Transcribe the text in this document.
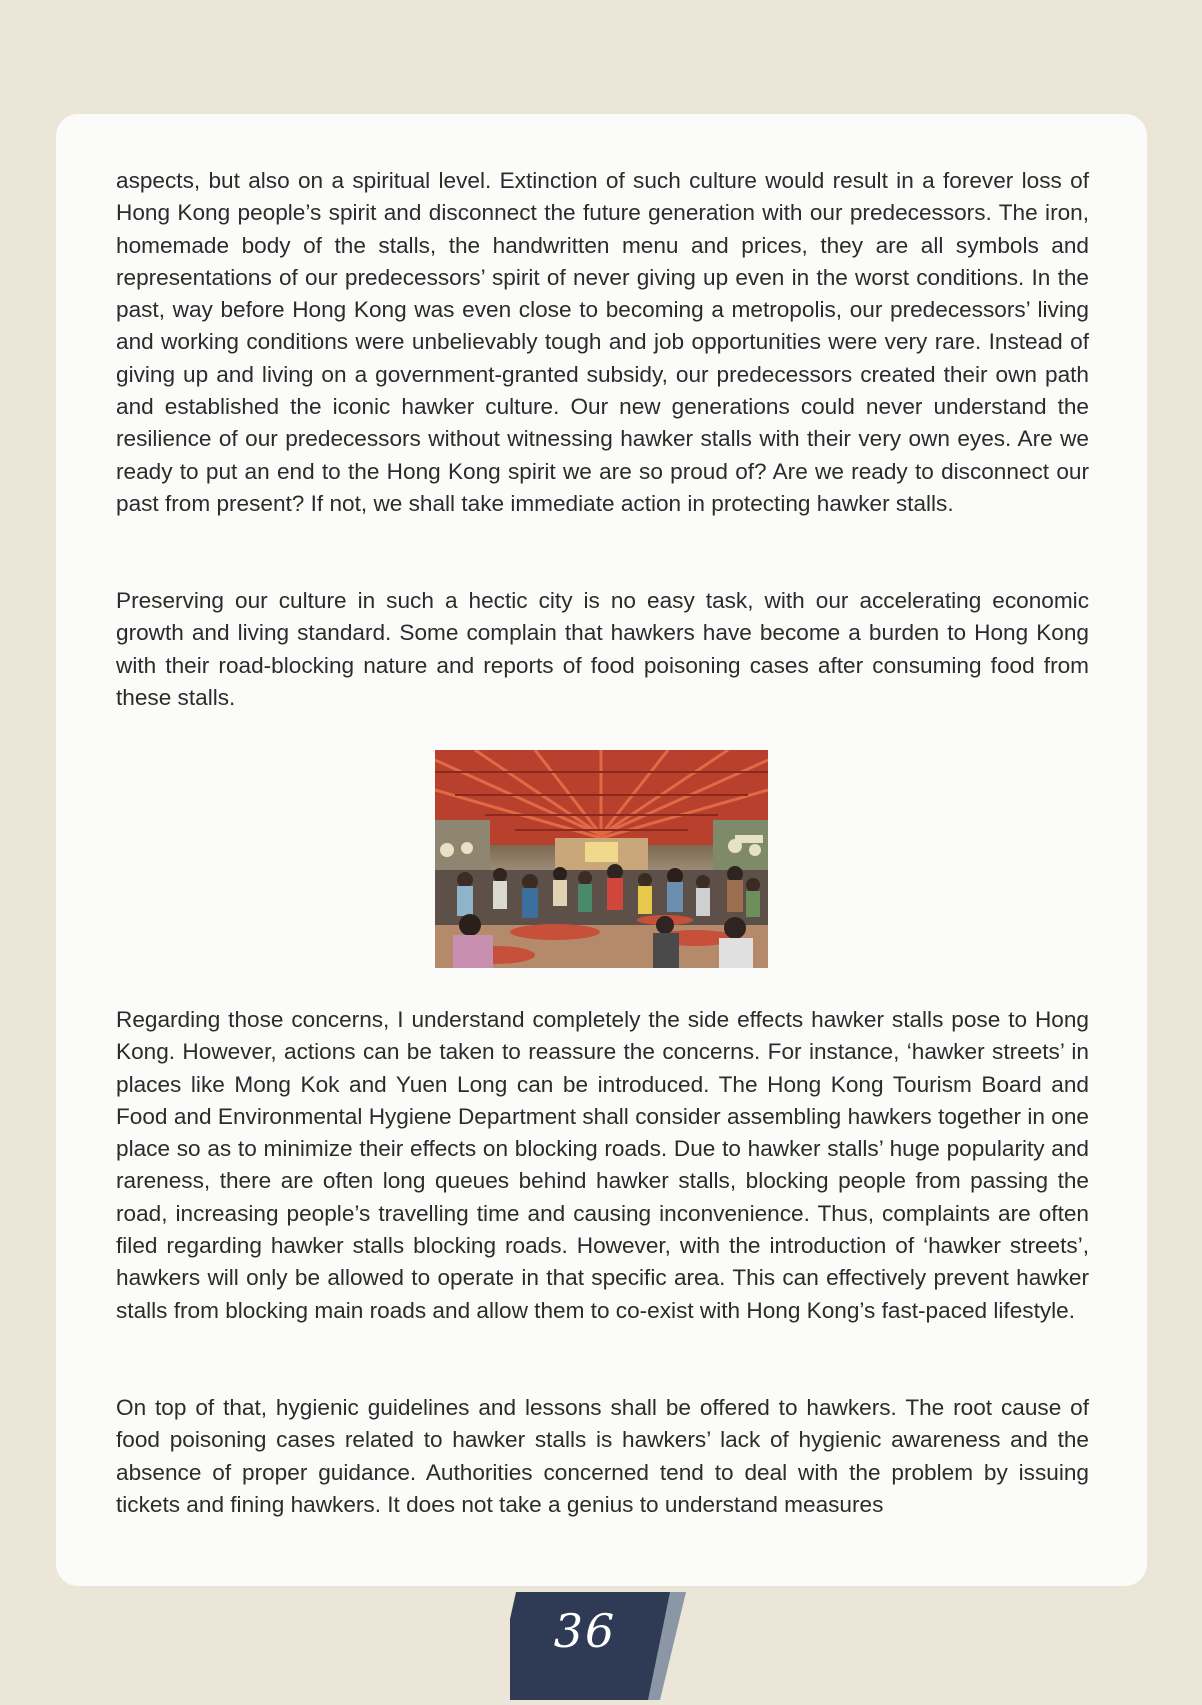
aspects, but also on a spiritual level. Extinction of such culture would result in a forever loss of Hong Kong people’s spirit and disconnect the future generation with our predecessors. The iron, homemade body of the stalls, the handwritten menu and prices, they are all symbols and representations of our predecessors’ spirit of never giving up even in the worst conditions. In the past, way before Hong Kong was even close to becoming a metropolis, our predecessors’ living and working conditions were unbelievably tough and job opportunities were very rare. Instead of giving up and living on a government-granted subsidy, our predecessors created their own path and established the iconic hawker culture. Our new generations could never understand the resilience of our predecessors without witnessing hawker stalls with their very own eyes. Are we ready to put an end to the Hong Kong spirit we are so proud of? Are we ready to disconnect our past from present? If not, we shall take immediate action in protecting hawker stalls.

Preserving our culture in such a hectic city is no easy task, with our accelerating economic growth and living standard. Some complain that hawkers have become a burden to Hong Kong with their road-blocking nature and reports of food poisoning cases after consuming food from these stalls.

Regarding those concerns, I understand completely the side effects hawker stalls pose to Hong Kong. However, actions can be taken to reassure the concerns. For instance, ‘hawker streets’ in places like Mong Kok and Yuen Long can be introduced. The Hong Kong Tourism Board and Food and Environmental Hygiene Department shall consider assembling hawkers together in one place so as to minimize their effects on blocking roads. Due to hawker stalls’ huge popularity and rareness, there are often long queues behind hawker stalls, blocking people from passing the road, increasing people’s travelling time and causing inconvenience. Thus, complaints are often filed regarding hawker stalls blocking roads. However, with the introduction of ‘hawker streets’, hawkers will only be allowed to operate in that specific area. This can effectively prevent hawker stalls from blocking main roads and allow them to co-exist with Hong Kong’s fast-paced lifestyle.

On top of that, hygienic guidelines and lessons shall be offered to hawkers. The root cause of food poisoning cases related to hawker stalls is hawkers’ lack of hygienic awareness and the absence of proper guidance. Authorities concerned tend to deal with the problem by issuing tickets and fining hawkers. It does not take a genius to understand measures

36
